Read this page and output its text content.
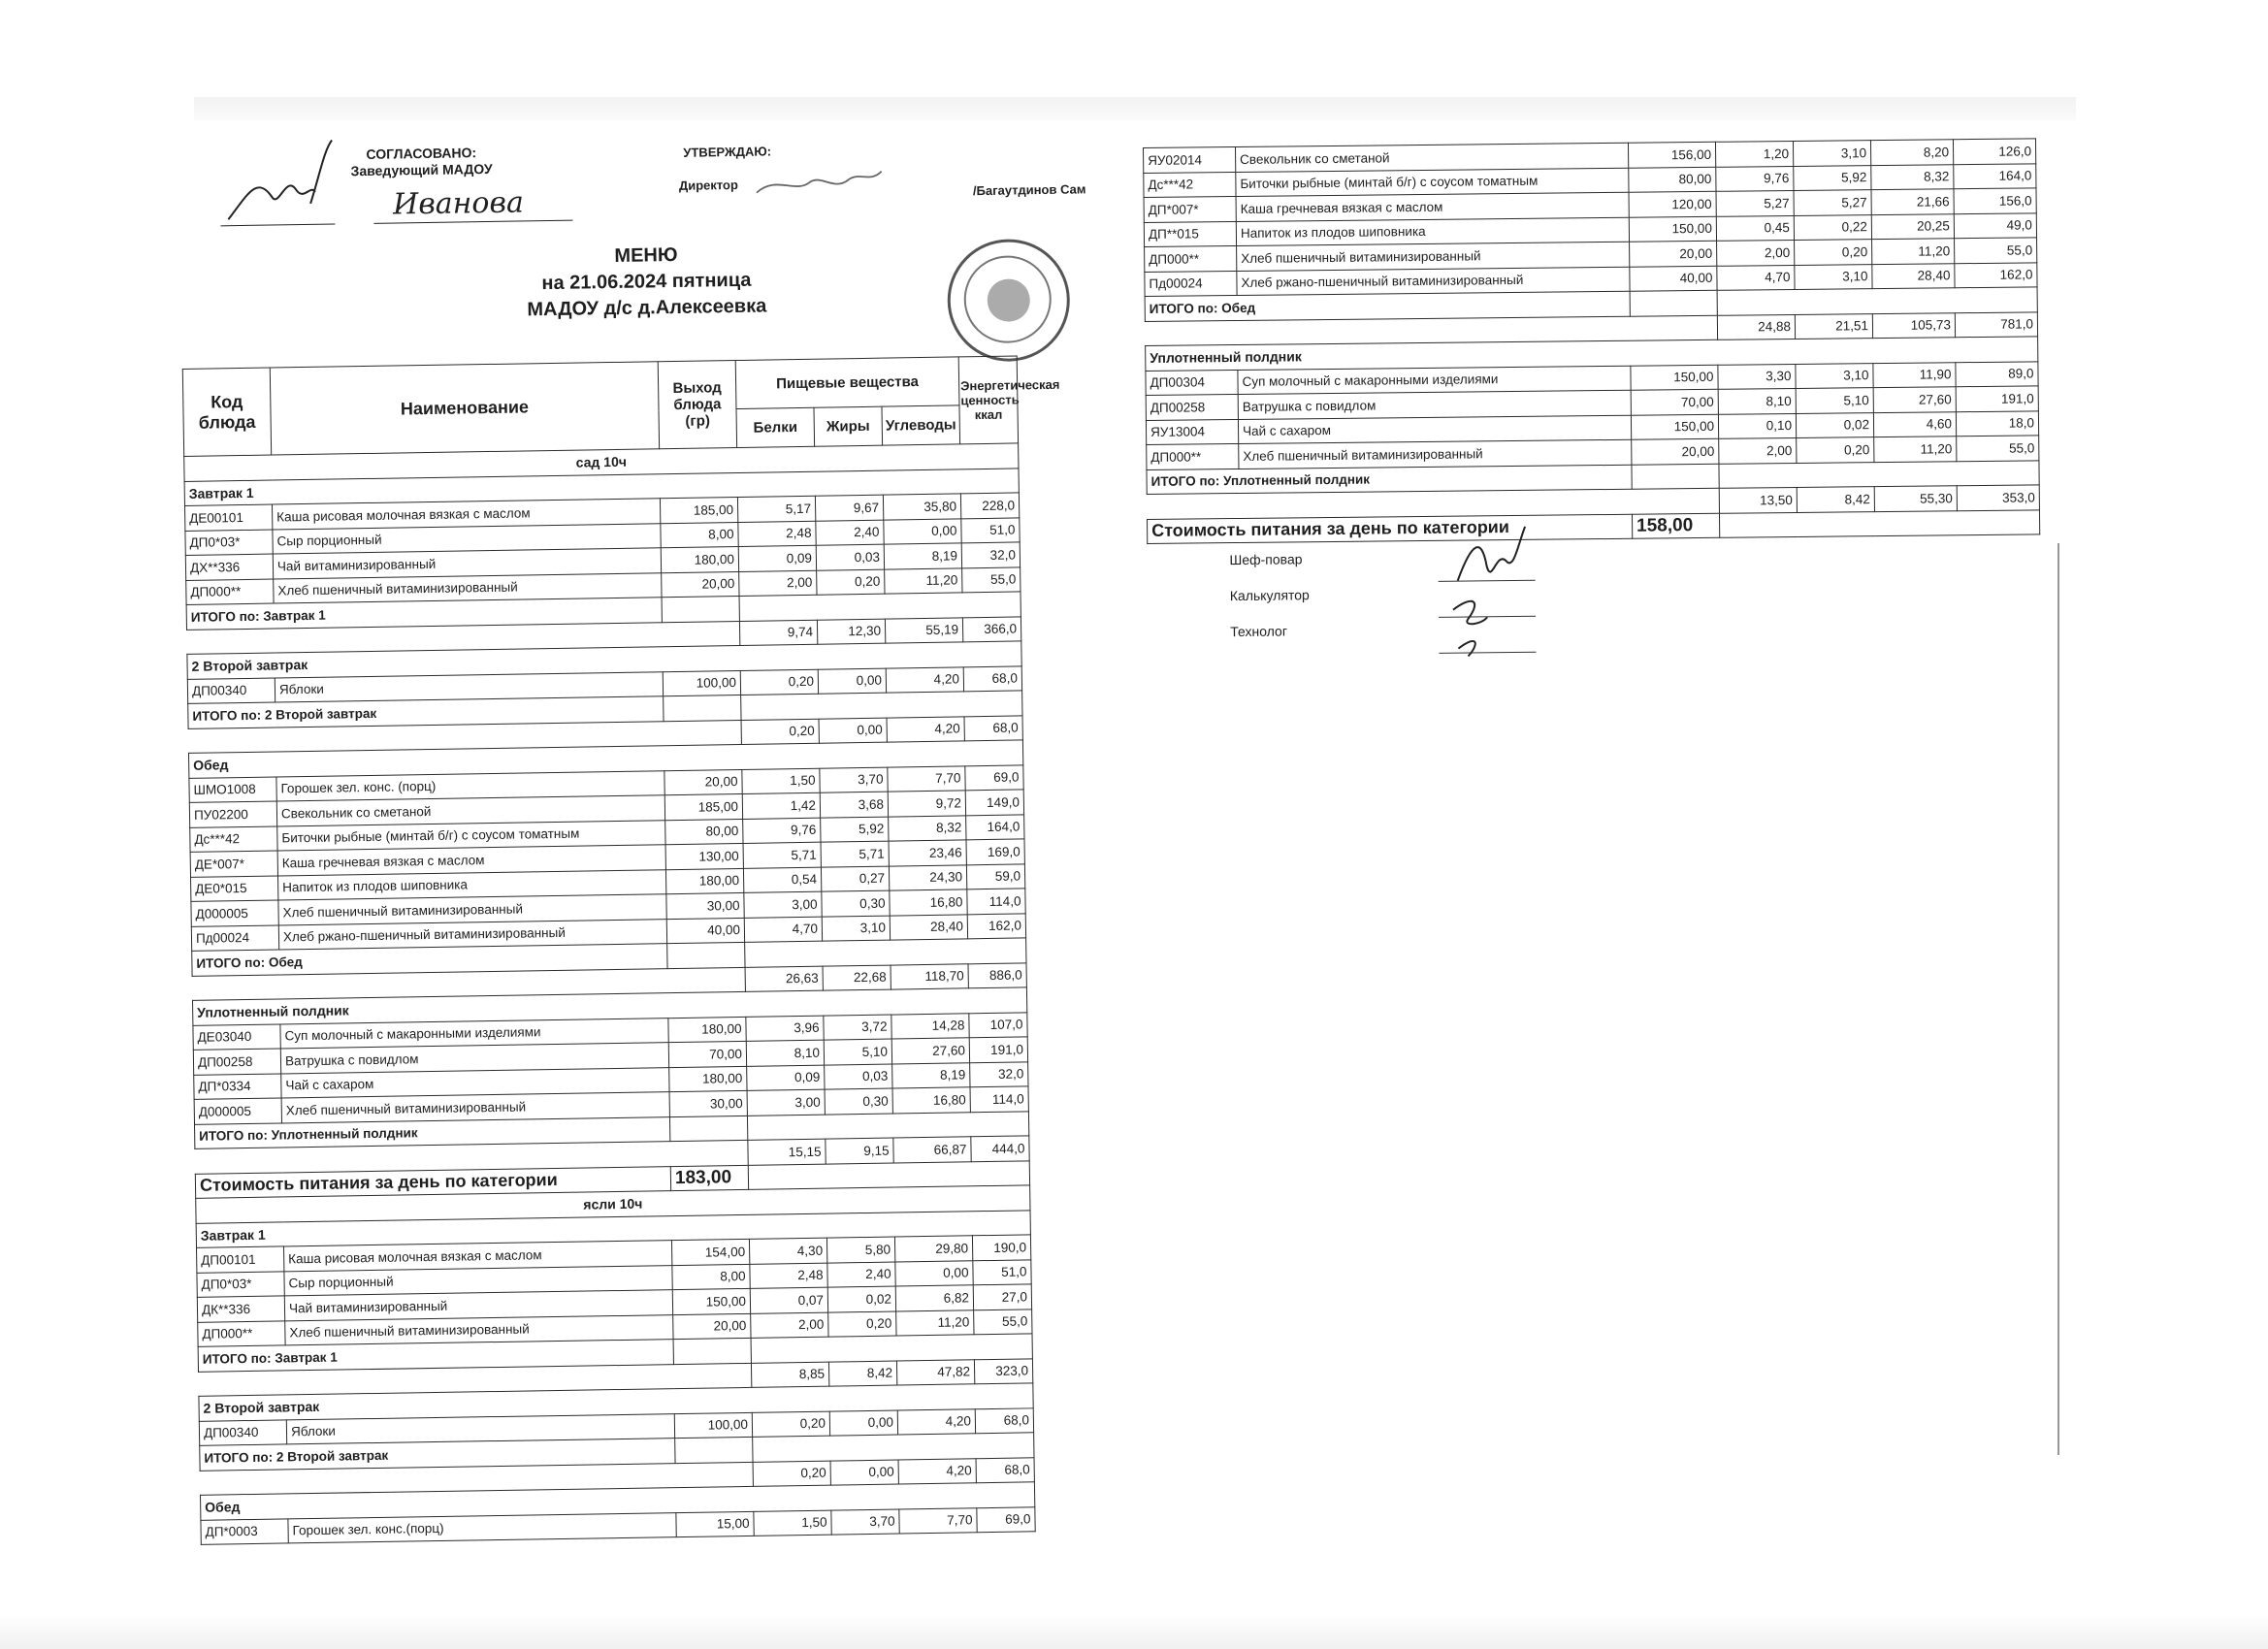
СОГЛАСОВАНО:
Заведующий МАДОУ
Иванова
УТВЕРЖДАЮ:
Директор	/Багаутдинов Сам
МЕНЮ
на 21.06.2024 пятница
МАДОУ д/с д.Алексеевка
Код блюда	Наименование	Выход блюда (гр)	Пищевые вещества			Энергетическая ценность ккал
			Белки	Жиры	Углеводы	
сад 10ч						
Завтрак 1						
ДЕ00101	Каша рисовая молочная вязкая с маслом	185,00	5,17	9,67	35,80	228,0
ДП0*03*	Сыр порционный	8,00	2,48	2,40	0,00	51,0
ДХ**336	Чай витаминизированный	180,00	0,09	0,03	8,19	32,0
ДП000**	Хлеб пшеничный витаминизированный	20,00	2,00	0,20	11,20	55,0
ИТОГО по: Завтрак 1						
			9,74	12,30	55,19	366,0
2 Второй завтрак						
ДП00340	Яблоки	100,00	0,20	0,00	4,20	68,0
ИТОГО по: 2 Второй завтрак						
			0,20	0,00	4,20	68,0
Обед						
ШМО1008	Горошек зел. конс. (порц)	20,00	1,50	3,70	7,70	69,0
ПУ02200	Свекольник со сметаной	185,00	1,42	3,68	9,72	149,0
Дс***42	Биточки рыбные (минтай б/г) с соусом томатным	80,00	9,76	5,92	8,32	164,0
ДЕ*007*	Каша гречневая вязкая с маслом	130,00	5,71	5,71	23,46	169,0
ДЕ0*015	Напиток из плодов шиповника	180,00	0,54	0,27	24,30	59,0
Д000005	Хлеб пшеничный витаминизированный	30,00	3,00	0,30	16,80	114,0
Пд00024	Хлеб ржано-пшеничный витаминизированный	40,00	4,70	3,10	28,40	162,0
ИТОГО по: Обед						
			26,63	22,68	118,70	886,0
Уплотненный полдник						
ДЕ03040	Суп молочный с макаронными изделиями	180,00	3,96	3,72	14,28	107,0
ДП00258	Ватрушка с повидлом	70,00	8,10	5,10	27,60	191,0
ДП*0334	Чай с сахаром	180,00	0,09	0,03	8,19	32,0
Д000005	Хлеб пшеничный витаминизированный	30,00	3,00	0,30	16,80	114,0
ИТОГО по: Уплотненный полдник						
			15,15	9,15	66,87	444,0
Стоимость питания за день по категории		183,00				
ясли 10ч						
Завтрак 1						
ДП00101	Каша рисовая молочная вязкая с маслом	154,00	4,30	5,80	29,80	190,0
ДП0*03*	Сыр порционный	8,00	2,48	2,40	0,00	51,0
ДК**336	Чай витаминизированный	150,00	0,07	0,02	6,82	27,0
ДП000**	Хлеб пшеничный витаминизированный	20,00	2,00	0,20	11,20	55,0
ИТОГО по: Завтрак 1						
			8,85	8,42	47,82	323,0
2 Второй завтрак						
ДП00340	Яблоки	100,00	0,20	0,00	4,20	68,0
ИТОГО по: 2 Второй завтрак						
			0,20	0,00	4,20	68,0
Обед						
ДП*0003	Горошек зел. конс.(порц)	15,00	1,50	3,70	7,70	69,0
ЯУ02014	Свекольник со сметаной	156,00	1,20	3,10	8,20	126,0
Дс***42	Биточки рыбные (минтай б/г) с соусом томатным	80,00	9,76	5,92	8,32	164,0
ДП*007*	Каша гречневая вязкая с маслом	120,00	5,27	5,27	21,66	156,0
ДП**015	Напиток из плодов шиповника	150,00	0,45	0,22	20,25	49,0
ДП000**	Хлеб пшеничный витаминизированный	20,00	2,00	0,20	11,20	55,0
Пд00024	Хлеб ржано-пшеничный витаминизированный	40,00	4,70	3,10	28,40	162,0
ИТОГО по: Обед						
			24,88	21,51	105,73	781,0
Уплотненный полдник						
ДП00304	Суп молочный с макаронными изделиями	150,00	3,30	3,10	11,90	89,0
ДП00258	Ватрушка с повидлом	70,00	8,10	5,10	27,60	191,0
ЯУ13004	Чай с сахаром	150,00	0,10	0,02	4,60	18,0
ДП000**	Хлеб пшеничный витаминизированный	20,00	2,00	0,20	11,20	55,0
ИТОГО по: Уплотненный полдник						
			13,50	8,42	55,30	353,0
Стоимость питания за день по категории		158,00				
Шеф-повар
Калькулятор
Технолог
